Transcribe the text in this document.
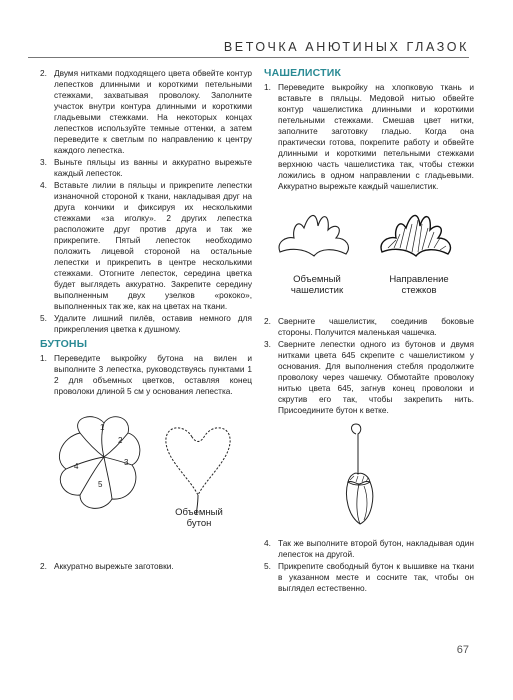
ВЕТОЧКА АНЮТИНЫХ ГЛАЗОК
2. Двумя нитками подходящего цвета обвейте контур лепестков длинными и короткими петельными стежками, захватывая проволоку. Заполните участок внутри контура длинными и короткими гладьевыми стежками. На некоторых концах лепестков используйте темные оттенки, а затем переведите к светлым по направлению к центру каждого лепестка.
3. Выньте пяльцы из ванны и аккуратно вырежьте каждый лепесток.
4. Вставьте лилии в пяльцы и прикрепите лепестки изнаночной стороной к ткани, накладывая друг на друга кончики и фиксируя их несколькими стежками «за иголку». 2 других лепестка расположите друг против друга и так же прикрепите. Пятый лепесток необходимо положить лицевой стороной на остальные лепестки и прикрепить в центре несколькими стежками. Отогните лепесток, середина цветка будет выглядеть аккуратно. Закрепите середину выполненным двух узелков «рококо», выполненных так же, как на цветах на ткани.
5. Удалите лишний пилёв, оставив немного для прикрепления цветка к душному.
БУТОНЫ
1. Переведите выкройку бутона на вилен и выполните 3 лепестка, руководствуясь пунктами 1 2 для объемных цветков, оставляя конец проволоки длиной 5 см у основания лепестка.
1
2
3
4
5
Объемный
бутон
2. Аккуратно вырежьте заготовки.
ЧАШЕЛИСТИК
1. Переведите выкройку на хлопковую ткань и вставьте в пяльцы. Медовой нитью обвейте контур чашелистика длинными и короткими петельными стежками. Смешав цвет нитки, заполните заготовку гладью. Когда она практически готова, покрепите работу и обвейте длинными и короткими петельными стежками верхнюю часть чашелистика так, чтобы стежки ложились в одном направлении с гладьевыми. Аккуратно вырежьте каждый чашелистик.
Объемный
чашелистик
Направление
стежков
2. Сверните чашелистик, соединив боковые стороны. Получится маленькая чашечка.
3. Сверните лепестки одного из бутонов и двумя нитками цвета 645 скрепите с чашелистиком у основания. Для выполнения стебля продолжите проволоку через чашечку. Обмотайте проволоку нитью цвета 645, загнув конец проволоки и скрутив его так, чтобы закрепить нить. Присоедините бутон к ветке.
4. Так же выполните второй бутон, накладывая один лепесток на другой.
5. Прикрепите свободный бутон к вышивке на ткани в указанном месте и сосните так, чтобы он выглядел естественно.
67
